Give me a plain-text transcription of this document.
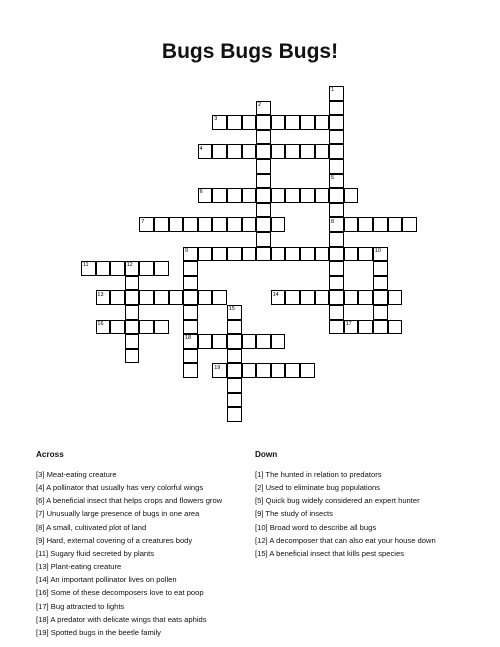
Bugs Bugs Bugs!
1
2
3
4
5
6
7	8
9	10
11	12
13	14
15
16	17
18
19
Across
[3] Meat-eating creature
[4] A pollinator that usually has very colorful wings
[6] A beneficial insect that helps crops and flowers grow
[7] Unusually large presence of bugs in one area
[8] A small, cultivated plot of land
[9] Hard, external covering of a creatures body
[11] Sugary fluid secreted by plants
[13] Plant-eating creature
[14] An important pollinator lives on pollen
[16] Some of these decomposers love to eat poop
[17] Bug attracted to lights
[18] A predator with delicate wings that eats aphids
[19] Spotted bugs in the beetle family
Down
[1] The hunted in relation to predators
[2] Used to eliminate bug populations
[5] Quick bug widely considered an expert hunter
[9] The study of insects
[10] Broad word to describe all bugs
[12] A decomposer that can also eat your house down
[15] A beneficial insect that kills pest species
